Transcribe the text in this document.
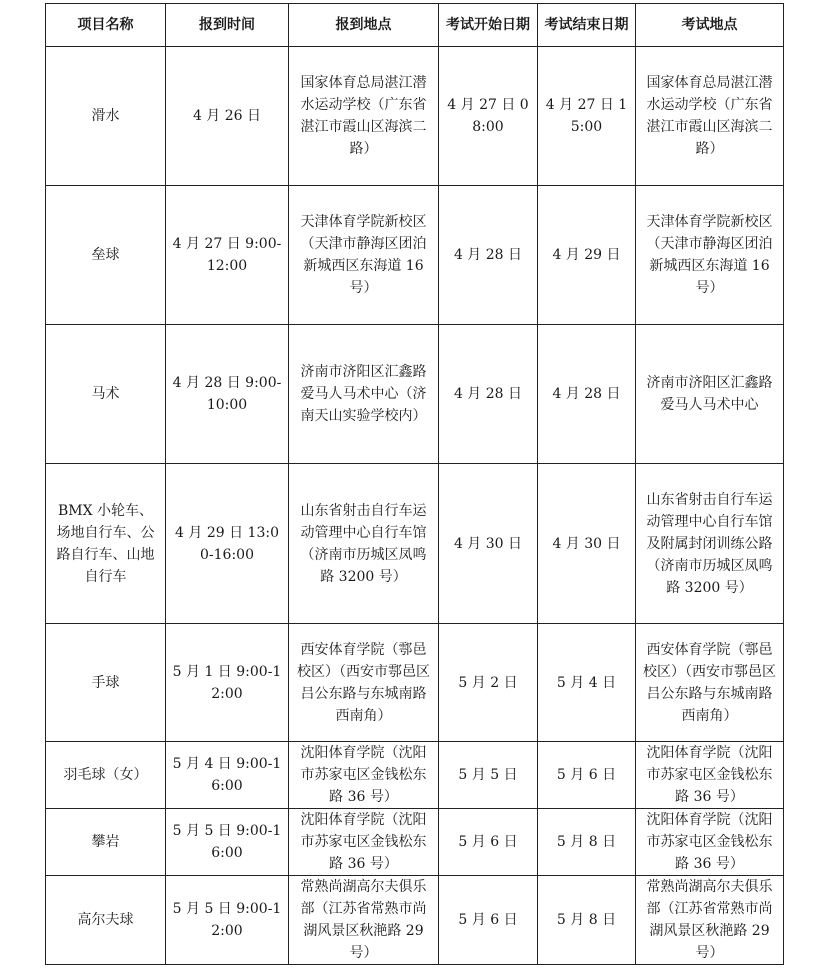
项目名称	报到时间	报到地点	考试开始日期	考试结束日期	考试地点
滑水	4 月 26 日	国家体育总局湛江潜水运动学校（广东省湛江市霞山区海滨二路）	4 月 27 日 08:00	4 月 27 日 15:00	国家体育总局湛江潜水运动学校（广东省湛江市霞山区海滨二路）
垒球	4 月 27 日 9:00-12:00	天津体育学院新校区（天津市静海区团泊新城西区东海道 16 号）	4 月 28 日	4 月 29 日	天津体育学院新校区（天津市静海区团泊新城西区东海道 16 号）
马术	4 月 28 日 9:00-10:00	济南市济阳区汇鑫路爱马人马术中心（济南天山实验学校内）	4 月 28 日	4 月 28 日	济南市济阳区汇鑫路爱马人马术中心
BMX 小轮车、场地自行车、公路自行车、山地自行车	4 月 29 日 13:00-16:00	山东省射击自行车运动管理中心自行车馆（济南市历城区凤鸣路 3200 号）	4 月 30 日	4 月 30 日	山东省射击自行车运动管理中心自行车馆及附属封闭训练公路（济南市历城区凤鸣路 3200 号）
手球	5 月 1 日 9:00-12:00	西安体育学院（鄠邑校区）（西安市鄠邑区吕公东路与东城南路西南角）	5 月 2 日	5 月 4 日	西安体育学院（鄠邑校区）（西安市鄠邑区吕公东路与东城南路西南角）
羽毛球（女）	5 月 4 日 9:00-16:00	沈阳体育学院（沈阳市苏家屯区金钱松东路 36 号）	5 月 5 日	5 月 6 日	沈阳体育学院（沈阳市苏家屯区金钱松东路 36 号）
攀岩	5 月 5 日 9:00-16:00	沈阳体育学院（沈阳市苏家屯区金钱松东路 36 号）	5 月 6 日	5 月 8 日	沈阳体育学院（沈阳市苏家屯区金钱松东路 36 号）
高尔夫球	5 月 5 日 9:00-12:00	常熟尚湖高尔夫俱乐部（江苏省常熟市尚湖风景区秋滟路 29 号）	5 月 6 日	5 月 8 日	常熟尚湖高尔夫俱乐部（江苏省常熟市尚湖风景区秋滟路 29 号）
